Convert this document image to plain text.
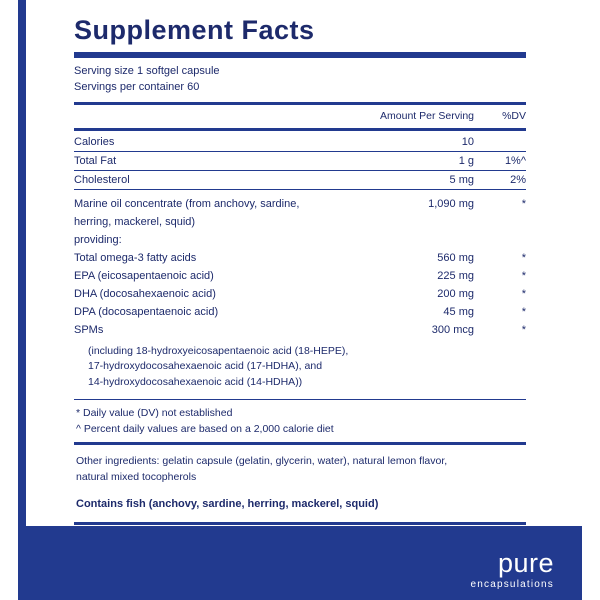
Supplement Facts
Serving size 1 softgel capsule
Servings per container 60
	Amount Per Serving	%DV
Calories	10	
Total Fat	1 g	1%^
Cholesterol	5 mg	2%
Marine oil concentrate (from anchovy, sardine,	1,090 mg	*
herring, mackerel, squid)		
providing:		
Total omega-3 fatty acids	560 mg	*
EPA (eicosapentaenoic acid)	225 mg	*
DHA (docosahexaenoic acid)	200 mg	*
DPA (docosapentaenoic acid)	45 mg	*
SPMs	300 mcg	*
(including 18-hydroxyeicosapentaenoic acid (18-HEPE),
17-hydroxydocosahexaenoic acid (17-HDHA), and
14-hydroxydocosahexaenoic acid (14-HDHA))
* Daily value (DV) not established
^ Percent daily values are based on a 2,000 calorie diet
Other ingredients: gelatin capsule (gelatin, glycerin, water), natural lemon flavor,
natural mixed tocopherols
Contains fish (anchovy, sardine, herring, mackerel, squid)
pure
encapsulations
